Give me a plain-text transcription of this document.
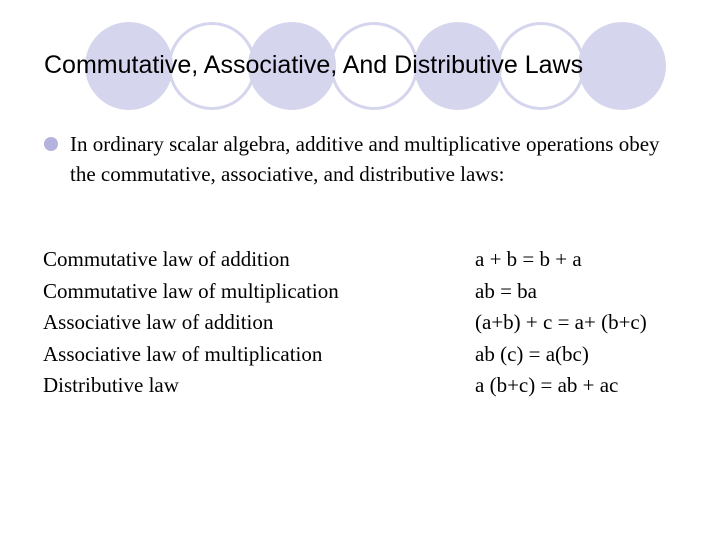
Commutative, Associative, And Distributive Laws
In ordinary scalar algebra, additive and multiplicative operations obey the commutative, associative, and distributive laws:
Commutative law of addition	a + b = b + a
Commutative law of multiplication	ab = ba
Associative law of addition	(a+b) + c = a+ (b+c)
Associative law of multiplication	ab (c) = a(bc)
Distributive law	a (b+c) = ab + ac
